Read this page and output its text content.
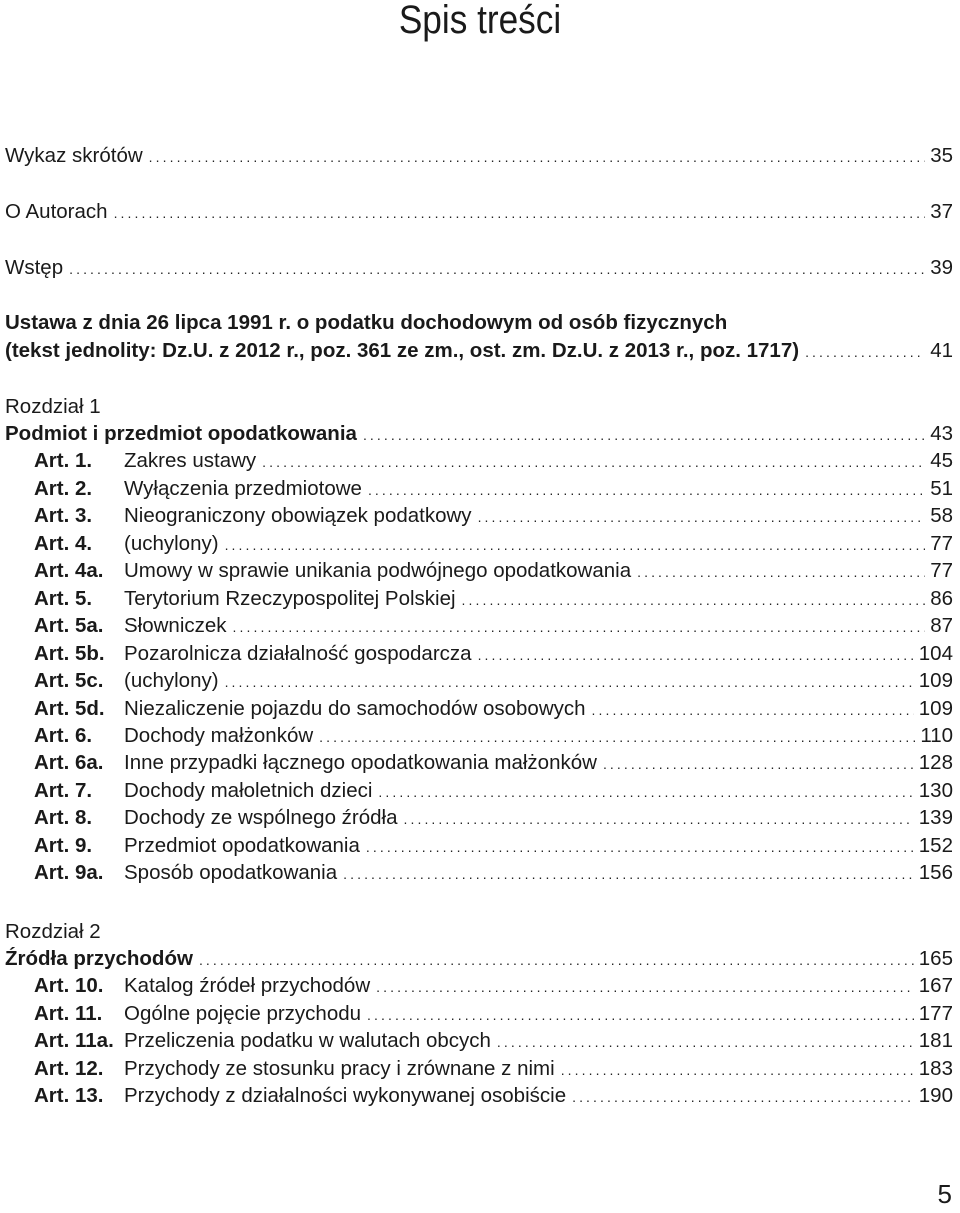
Spis treści
Wykaz skrótów . . .	35
O Autorach . . .	37
Wstęp . . .	39
Ustawa z dnia 26 lipca 1991 r. o podatku dochodowym od osób fizycznych
(tekst jednolity: Dz.U. z 2012 r., poz. 361 ze zm., ost. zm. Dz.U. z 2013 r., poz. 1717) . . .	41
Rozdział 1
Podmiot i przedmiot opodatkowania . . .	43
Art. 1.	Zakres ustawy . . .	45
Art. 2.	Wyłączenia przedmiotowe . . .	51
Art. 3.	Nieograniczony obowiązek podatkowy . . .	58
Art. 4.	(uchylony) . . .	77
Art. 4a.	Umowy w sprawie unikania podwójnego opodatkowania . . .	77
Art. 5.	Terytorium Rzeczypospolitej Polskiej . . .	86
Art. 5a.	Słowniczek . . .	87
Art. 5b. Pozarolnicza działalność gospodarcza . . .	104
Art. 5c.	(uchylony) . . .	109
Art. 5d. Niezaliczenie pojazdu do samochodów osobowych . . .	109
Art. 6.	Dochody małżonków . . .	110
Art. 6a.	Inne przypadki łącznego opodatkowania małżonków . . .	128
Art. 7.	Dochody małoletnich dzieci . . .	130
Art. 8.	Dochody ze wspólnego źródła . . .	139
Art. 9.	Przedmiot opodatkowania . . .	152
Art. 9a.	Sposób opodatkowania . . .	156
Rozdział 2
Źródła przychodów . . .	165
Art. 10.	Katalog źródeł przychodów . . .	167
Art. 11.	Ogólne pojęcie przychodu . . .	177
Art. 11a. Przeliczenia podatku w walutach obcych . . .	181
Art. 12.	Przychody ze stosunku pracy i zrównane z nimi . . .	183
Art. 13.	Przychody z działalności wykonywanej osobiście . . .	190
5
